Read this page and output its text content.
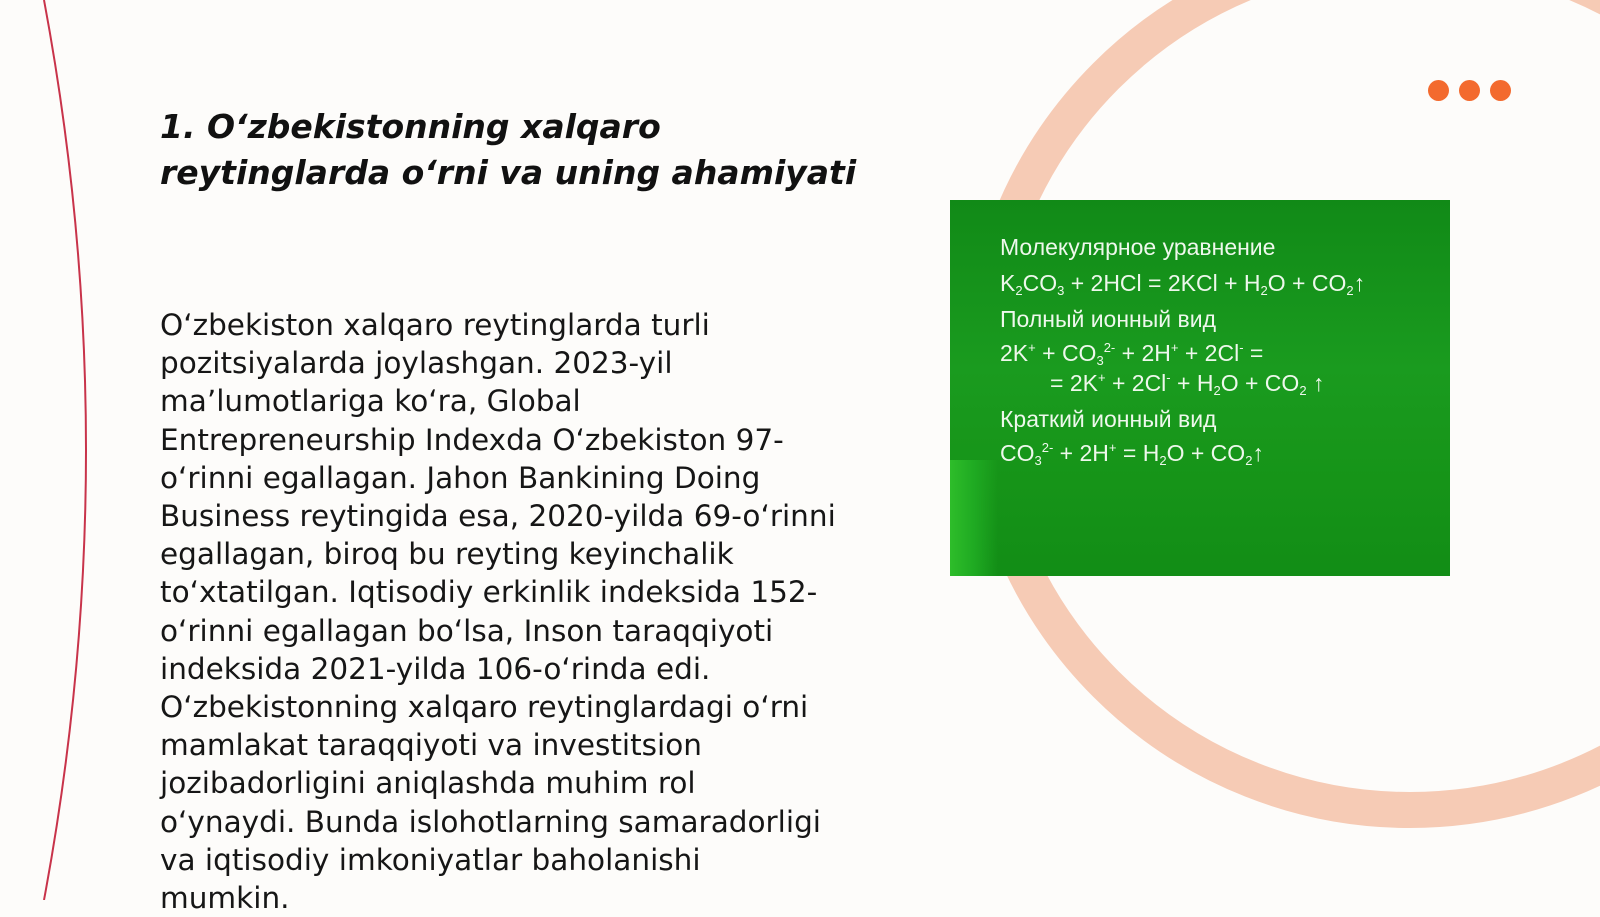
1. O‘zbekistonning xalqaro
reytinglarda o‘rni va uning ahamiyati
O‘zbekiston xalqaro reytinglarda turli
pozitsiyalarda joylashgan. 2023-yil
ma’lumotlariga ko‘ra, Global
Entrepreneurship Indexda O‘zbekiston 97-
o‘rinni egallagan. Jahon Bankining Doing
Business reytingida esa, 2020-yilda 69-o‘rinni
egallagan, biroq bu reyting keyinchalik
to‘xtatilgan. Iqtisodiy erkinlik indeksida 152-
o‘rinni egallagan bo‘lsa, Inson taraqqiyoti
indeksida 2021-yilda 106-o‘rinda edi.
O‘zbekistonning xalqaro reytinglardagi o‘rni
mamlakat taraqqiyoti va investitsion
jozibadorligini aniqlashda muhim rol
o‘ynaydi. Bunda islohotlarning samaradorligi
va iqtisodiy imkoniyatlar baholanishi
mumkin.
Молекулярное уравнение
$K_2CO_3 + 2HCl = 2KCl + H_2O$ + $CO_2↑$
Полный ионный вид
$2K^+ + CO_3^{2-} + 2H^+ + 2Cl^-$ =
= $2K^+ + 2Cl^- + H_2O + CO_2$ ↑
Краткий ионный вид
$CO_3^{2-} + 2H^+ = H_2O$ + $CO_2↑$
